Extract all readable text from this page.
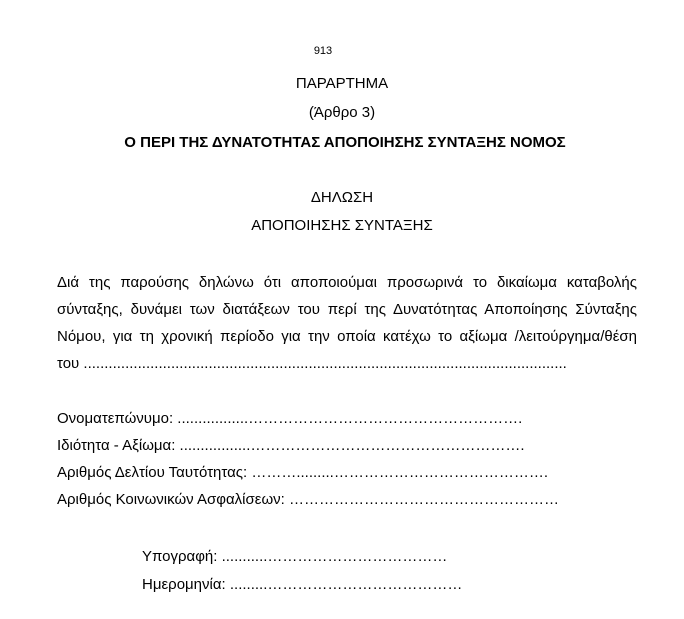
913
ΠΑΡΑΡΤΗΜΑ
(Άρθρο 3)
Ο ΠΕΡΙ ΤΗΣ ΔΥΝΑΤΟΤΗΤΑΣ ΑΠΟΠΟΙΗΣΗΣ ΣΥΝΤΑΞΗΣ ΝΟΜΟΣ
ΔΗΛΩΣΗ
ΑΠΟΠΟΙΗΣΗΣ ΣΥΝΤΑΞΗΣ
Διά της παρούσης δηλώνω ότι αποποιούμαι προσωρινά το δικαίωμα καταβολής
σύνταξης, δυνάμει των διατάξεων του περί της Δυνατότητας Αποποίησης Σύνταξης
Νόμου, για τη χρονική περίοδο για την οποία κατέχω το αξίωμα /λειτούργημα/θέση
του ....................................................................................................................
Ονοματεπώνυμο: .................……………………………………………….
Ιδιότητα - Αξίωμα: .................……………………………………………….
Αριθμός Δελτίου Ταυτότητας: ……….........…………………………………….
Αριθμός Κοινωνικών Ασφαλίσεων: ………………………………………………
Υπογραφή: ...........………………………………
Ημερομηνία: .........…………………………………
